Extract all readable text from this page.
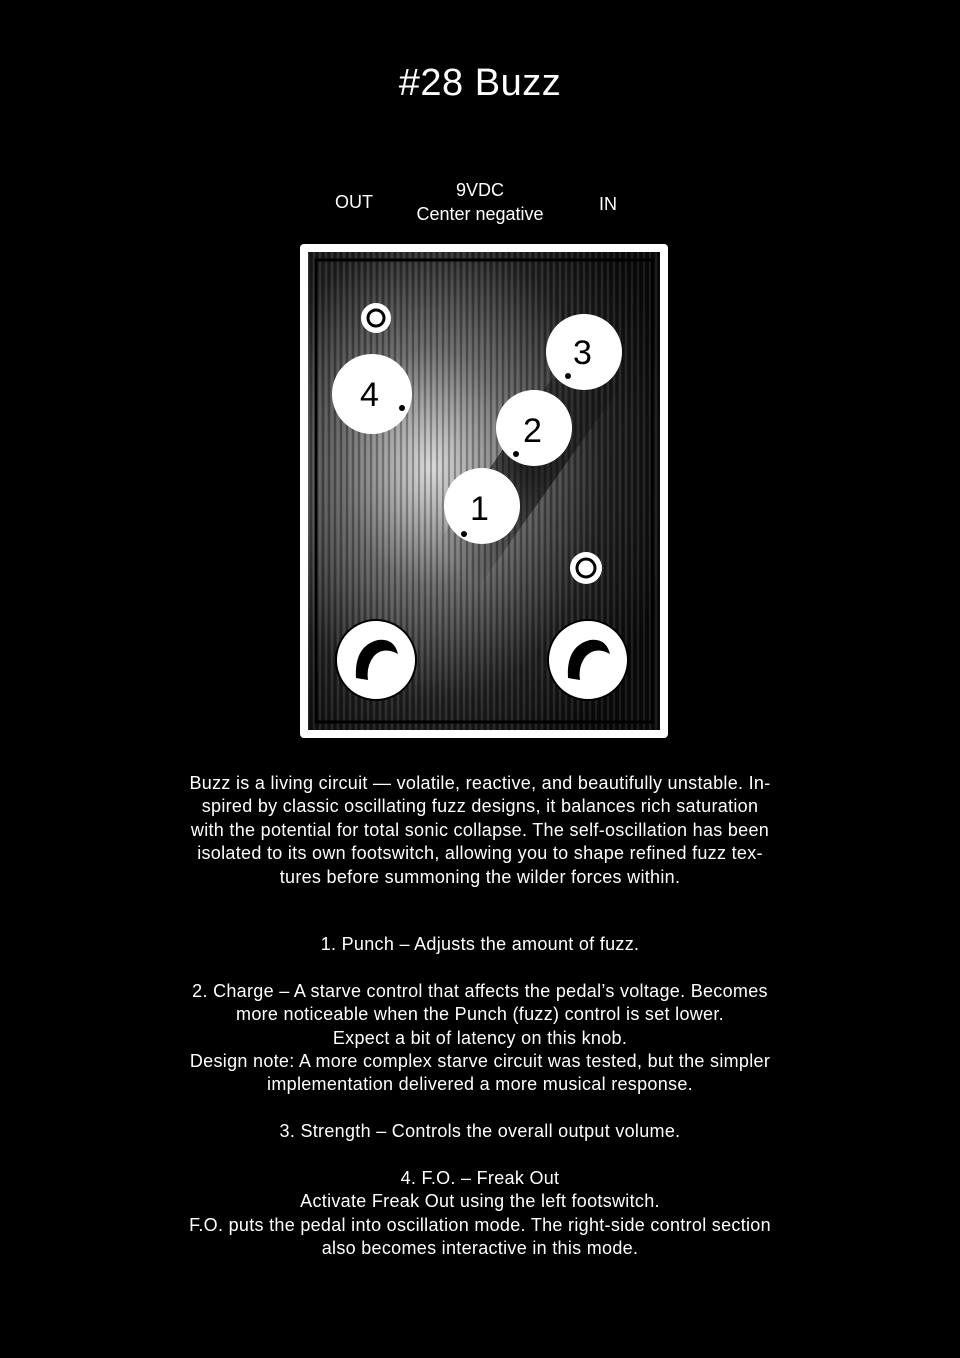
#28 Buzz
OUT
9VDC
Center negative	IN
4
3
2
1

Buzz is a living circuit — volatile, reactive, and beautifully unstable. In-

spired by classic oscillating fuzz designs, it balances rich saturation

with the potential for total sonic collapse. The self-oscillation has been

isolated to its own footswitch, allowing you to shape refined fuzz tex-

tures before summoning the wilder forces within.

1. Punch – Adjusts the amount of fuzz.

2. Charge – A starve control that affects the pedal’s voltage. Becomes

more noticeable when the Punch (fuzz) control is set lower.

Expect a bit of latency on this knob.

Design note: A more complex starve circuit was tested, but the simpler

implementation delivered a more musical response.

3. Strength – Controls the overall output volume.

4. F.O. – Freak Out

Activate Freak Out using the left footswitch.

F.O. puts the pedal into oscillation mode. The right-side control section

also becomes interactive in this mode.
